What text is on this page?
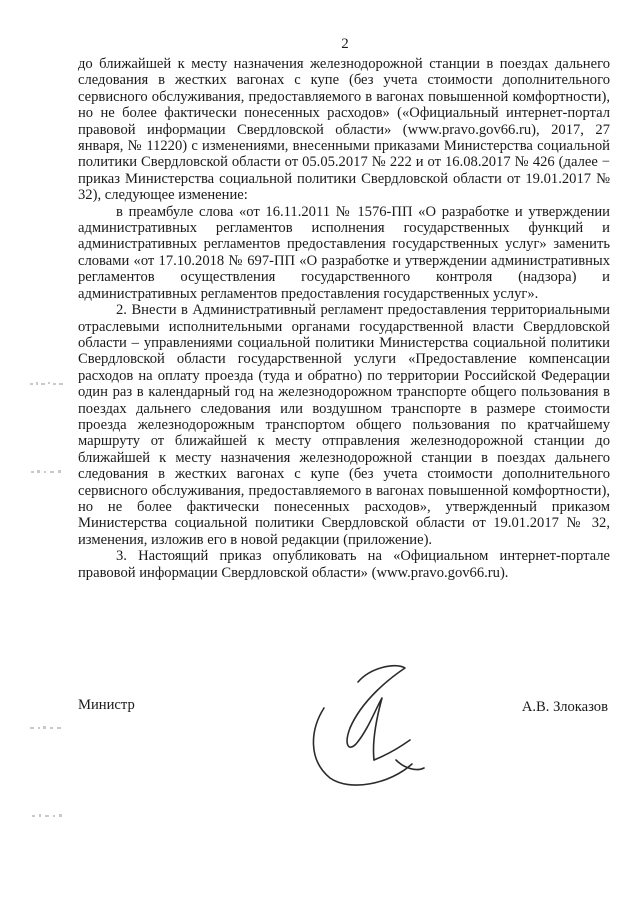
2

до ближайшей к месту назначения железнодорожной станции в поездах дальнего следования в жестких вагонах с купе (без учета стоимости дополнительного сервисного обслуживания, предоставляемого в вагонах повышенной комфортности), но не более фактически понесенных расходов» («Официальный интернет-портал правовой информации Свердловской области» (www.pravo.gov66.ru), 2017, 27 января, № 11220) с изменениями, внесенными приказами Министерства социальной политики Свердловской области от 05.05.2017 № 222 и от 16.08.2017 № 426 (далее − приказ Министерства социальной политики Свердловской области от 19.01.2017 № 32), следующее изменение:

в преамбуле слова «от 16.11.2011 № 1576-ПП «О разработке и утверждении административных регламентов исполнения государственных функций и административных регламентов предоставления государственных услуг» заменить словами «от 17.10.2018 № 697-ПП «О разработке и утверждении административных регламентов осуществления государственного контроля (надзора) и административных регламентов предоставления государственных услуг».

2. Внести в Административный регламент предоставления территориальными отраслевыми исполнительными органами государственной власти Свердловской области – управлениями социальной политики Министерства социальной политики Свердловской области государственной услуги «Предоставление компенсации расходов на оплату проезда (туда и обратно) по территории Российской Федерации один раз в календарный год на железнодорожном транспорте общего пользования в поездах дальнего следования или воздушном транспорте в размере стоимости проезда железнодорожным транспортом общего пользования по кратчайшему маршруту от ближайшей к месту отправления железнодорожной станции до ближайшей к месту назначения железнодорожной станции в поездах дальнего следования в жестких вагонах с купе (без учета стоимости дополнительного сервисного обслуживания, предоставляемого в вагонах повышенной комфортности), но не более фактически понесенных расходов», утвержденный приказом Министерства социальной политики Свердловской области от 19.01.2017 № 32, изменения, изложив его в новой редакции (приложение).

3. Настоящий приказ опубликовать на «Официальном интернет-портале правовой информации Свердловской области» (www.pravo.gov66.ru).

Министр	А.В. Злоказов
